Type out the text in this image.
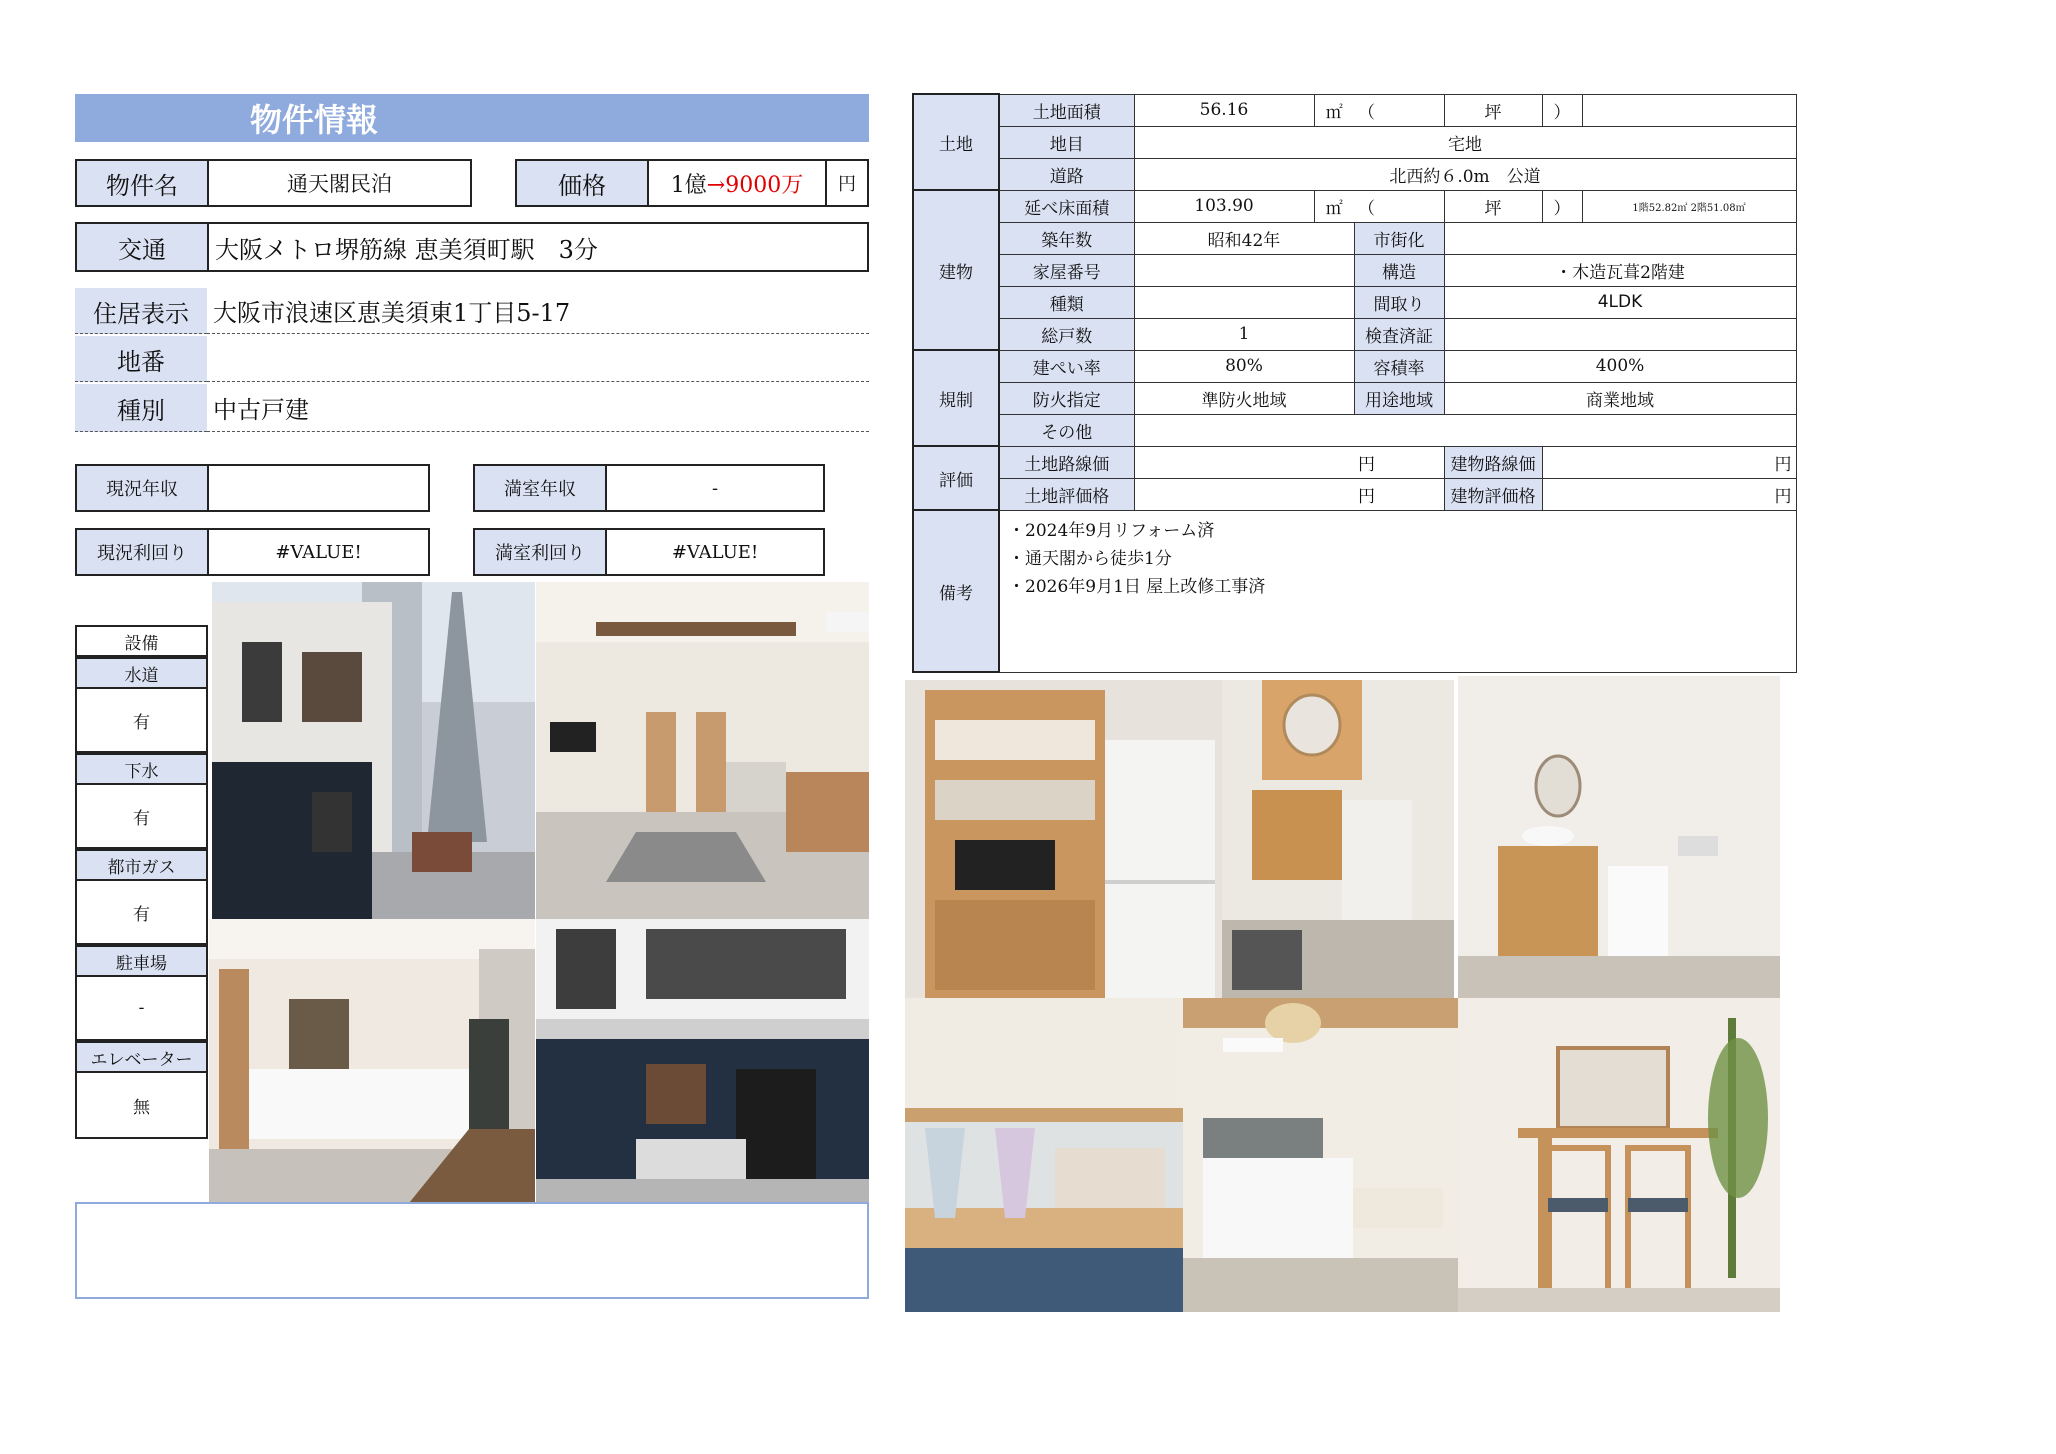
物件情報
物件名	通天閣民泊	価格	1億 →9000万	円
交通	大阪メトロ堺筋線 恵美須町駅　3分
住居表示	大阪市浪速区恵美須東1丁目5-17
地番
種別	中古戸建
現況年収	満室年収	-
現況利回り	#VALUE!	満室利回り	#VALUE!
設備
水道
有
下水
有
都市ガス
有
駐車場
-
エレベーター
無
土地	土地面積	56.16	㎡	（	坪	）	
	地目	宅地					
	道路	北西約６.0m　公道					
建物	延べ床面積	103.90	㎡	（	坪	）	1階52.82㎡ 2階51.08㎡
	築年数	昭和42年		市街化			
	家屋番号			構造	・木造瓦葺2階建		
	種類			間取り	4LDK		
	総戸数	1		検査済証			
規制	建ぺい率	80%		容積率	400%		
	防火指定	準防火地域		用途地域	商業地域		
	その他						
評価	土地路線価			円	建物路線価	円	
	土地評価格			円	建物評価格	円	
備考	・2024年9月リフォーム済
・通天閣から徒歩1分
・2026年9月1日 屋上改修工事済						
